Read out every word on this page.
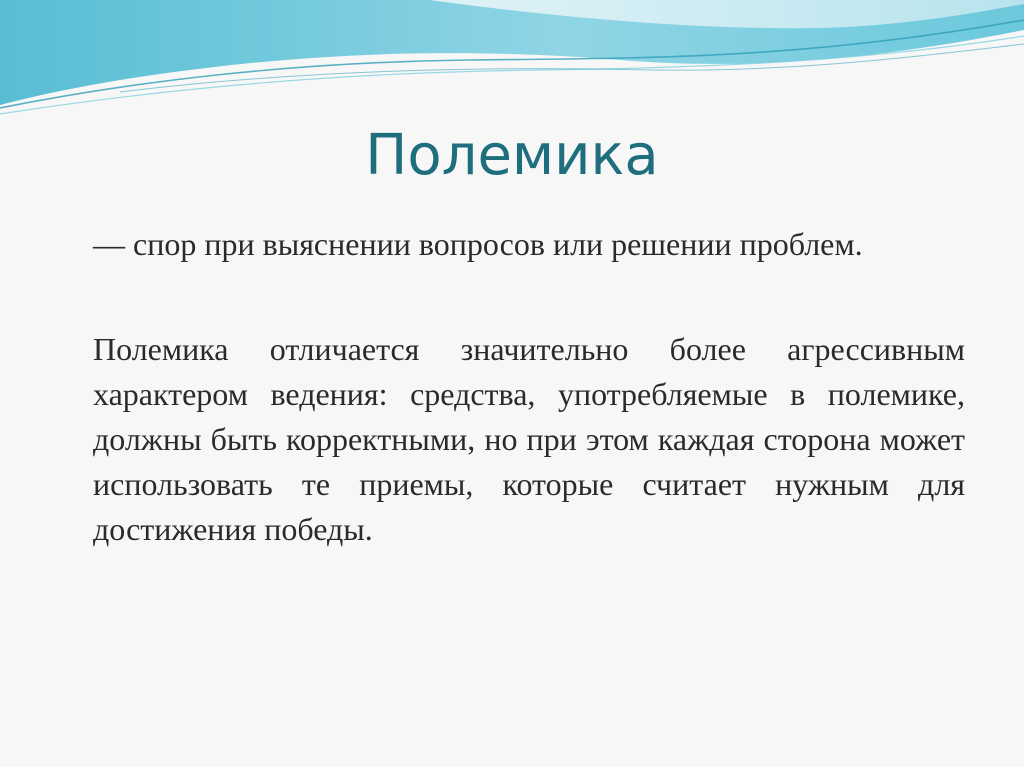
Полемика

— спор при выяснении вопросов или решении проблем.

Полемика отличается значительно более агрессивным характером ведения: средства, употребляемые в полемике, должны быть корректными, но при этом каждая сторона может использовать те приемы, которые считает нужным для достижения победы.
